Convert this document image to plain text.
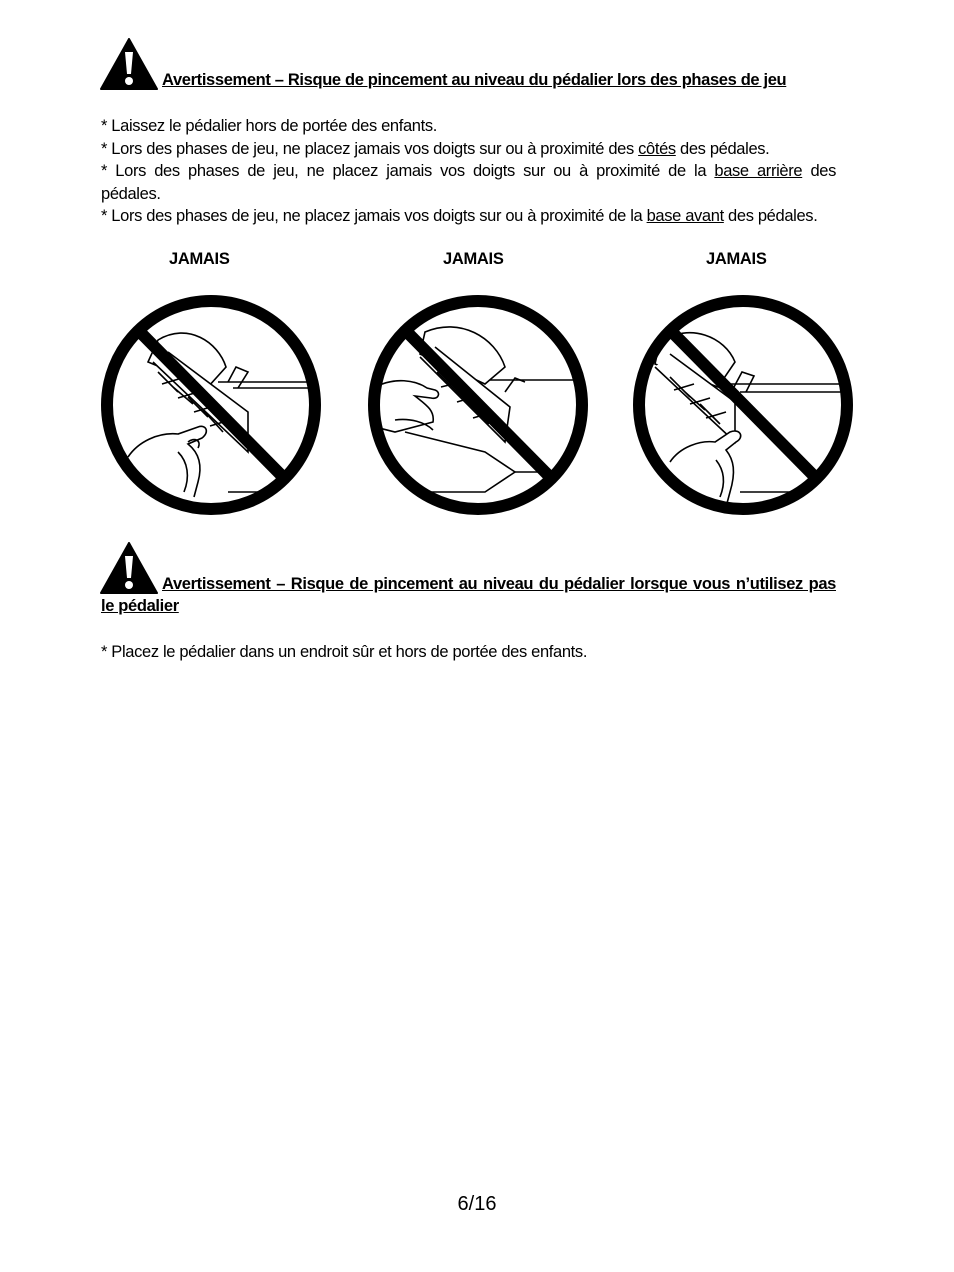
Avertissement – Risque de pincement au niveau du pédalier lors des phases de jeu
* Laissez le pédalier hors de portée des enfants.
* Lors des phases de jeu, ne placez jamais vos doigts sur ou à proximité des côtés des pédales.
* Lors des phases de jeu, ne placez jamais vos doigts sur ou à proximité de la base arrière des
pédales.
* Lors des phases de jeu, ne placez jamais vos doigts sur ou à proximité de la base avant des pédales.
JAMAIS	JAMAIS	JAMAIS
Avertissement – Risque de pincement au niveau du pédalier lorsque vous n’utilisez pas
le pédalier
* Placez le pédalier dans un endroit sûr et hors de portée des enfants.
6/16
